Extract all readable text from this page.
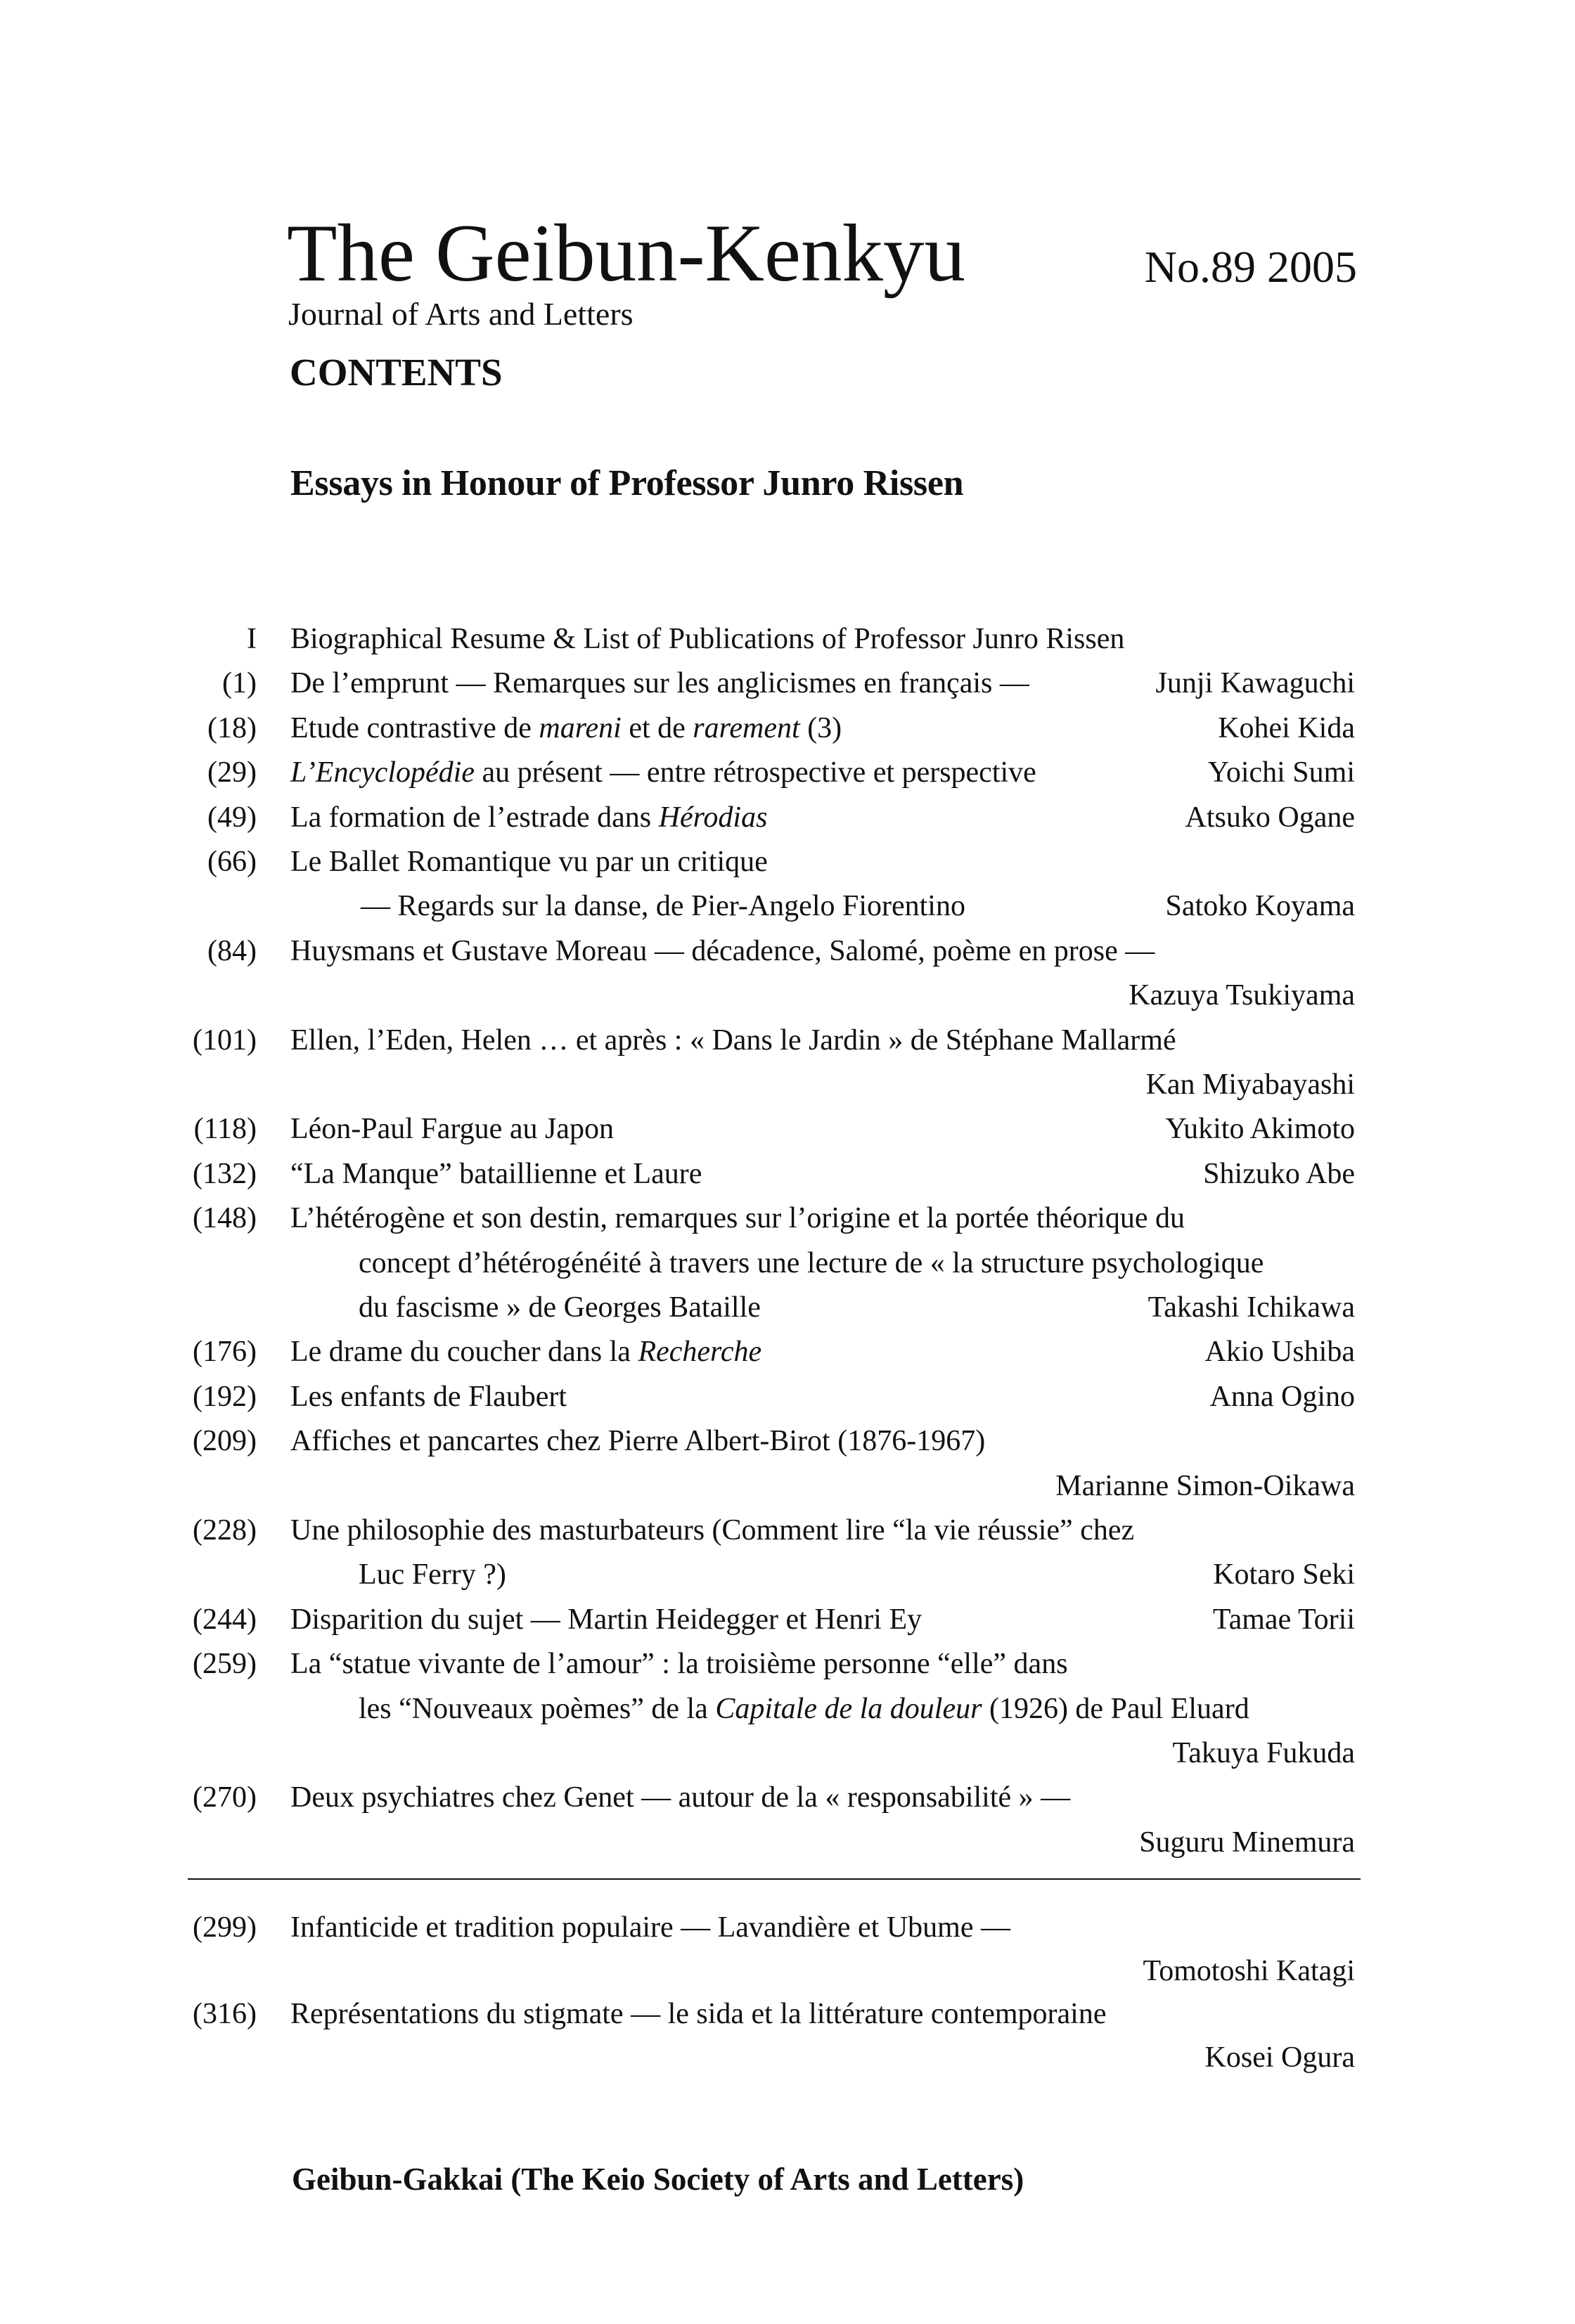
The Geibun-Kenkyu	No.89 2005
Journal of Arts and Letters
CONTENTS
Essays in Honour of Professor Junro Rissen
I Biographical Resume & List of Publications of Professor Junro Rissen
(1) De l’emprunt — Remarques sur les anglicismes en français —	Junji Kawaguchi
(18) Etude contrastive de mareni et de rarement (3)	Kohei Kida
(29) L’Encyclopédie au présent — entre rétrospective et perspective	Yoichi Sumi
(49) La formation de l’estrade dans Hérodias	Atsuko Ogane
(66) Le Ballet Romantique vu par un critique
— Regards sur la danse, de Pier-Angelo Fiorentino	Satoko Koyama
(84) Huysmans et Gustave Moreau — décadence, Salomé, poème en prose —
Kazuya Tsukiyama
(101) Ellen, l’Eden, Helen … et après : « Dans le Jardin » de Stéphane Mallarmé
Kan Miyabayashi
(118) Léon-Paul Fargue au Japon	Yukito Akimoto
(132) “La Manque” bataillienne et Laure	Shizuko Abe
(148) L’hétérogène et son destin, remarques sur l’origine et la portée théorique du
concept d’hétérogénéité à travers une lecture de « la structure psychologique
du fascisme » de Georges Bataille	Takashi Ichikawa
(176) Le drame du coucher dans la Recherche	Akio Ushiba
(192) Les enfants de Flaubert	Anna Ogino
(209) Affiches et pancartes chez Pierre Albert-Birot (1876-1967)
Marianne Simon-Oikawa
(228) Une philosophie des masturbateurs (Comment lire “la vie réussie” chez
Luc Ferry ?)	Kotaro Seki
(244) Disparition du sujet — Martin Heidegger et Henri Ey	Tamae Torii
(259) La “statue vivante de l’amour” : la troisième personne “elle” dans
les “Nouveaux poèmes” de la Capitale de la douleur (1926) de Paul Eluard
Takuya Fukuda
(270) Deux psychiatres chez Genet — autour de la « responsabilité » —
Suguru Minemura
(299) Infanticide et tradition populaire — Lavandière et Ubume —
Tomotoshi Katagi
(316) Représentations du stigmate — le sida et la littérature contemporaine
Kosei Ogura
Geibun-Gakkai (The Keio Society of Arts and Letters)
